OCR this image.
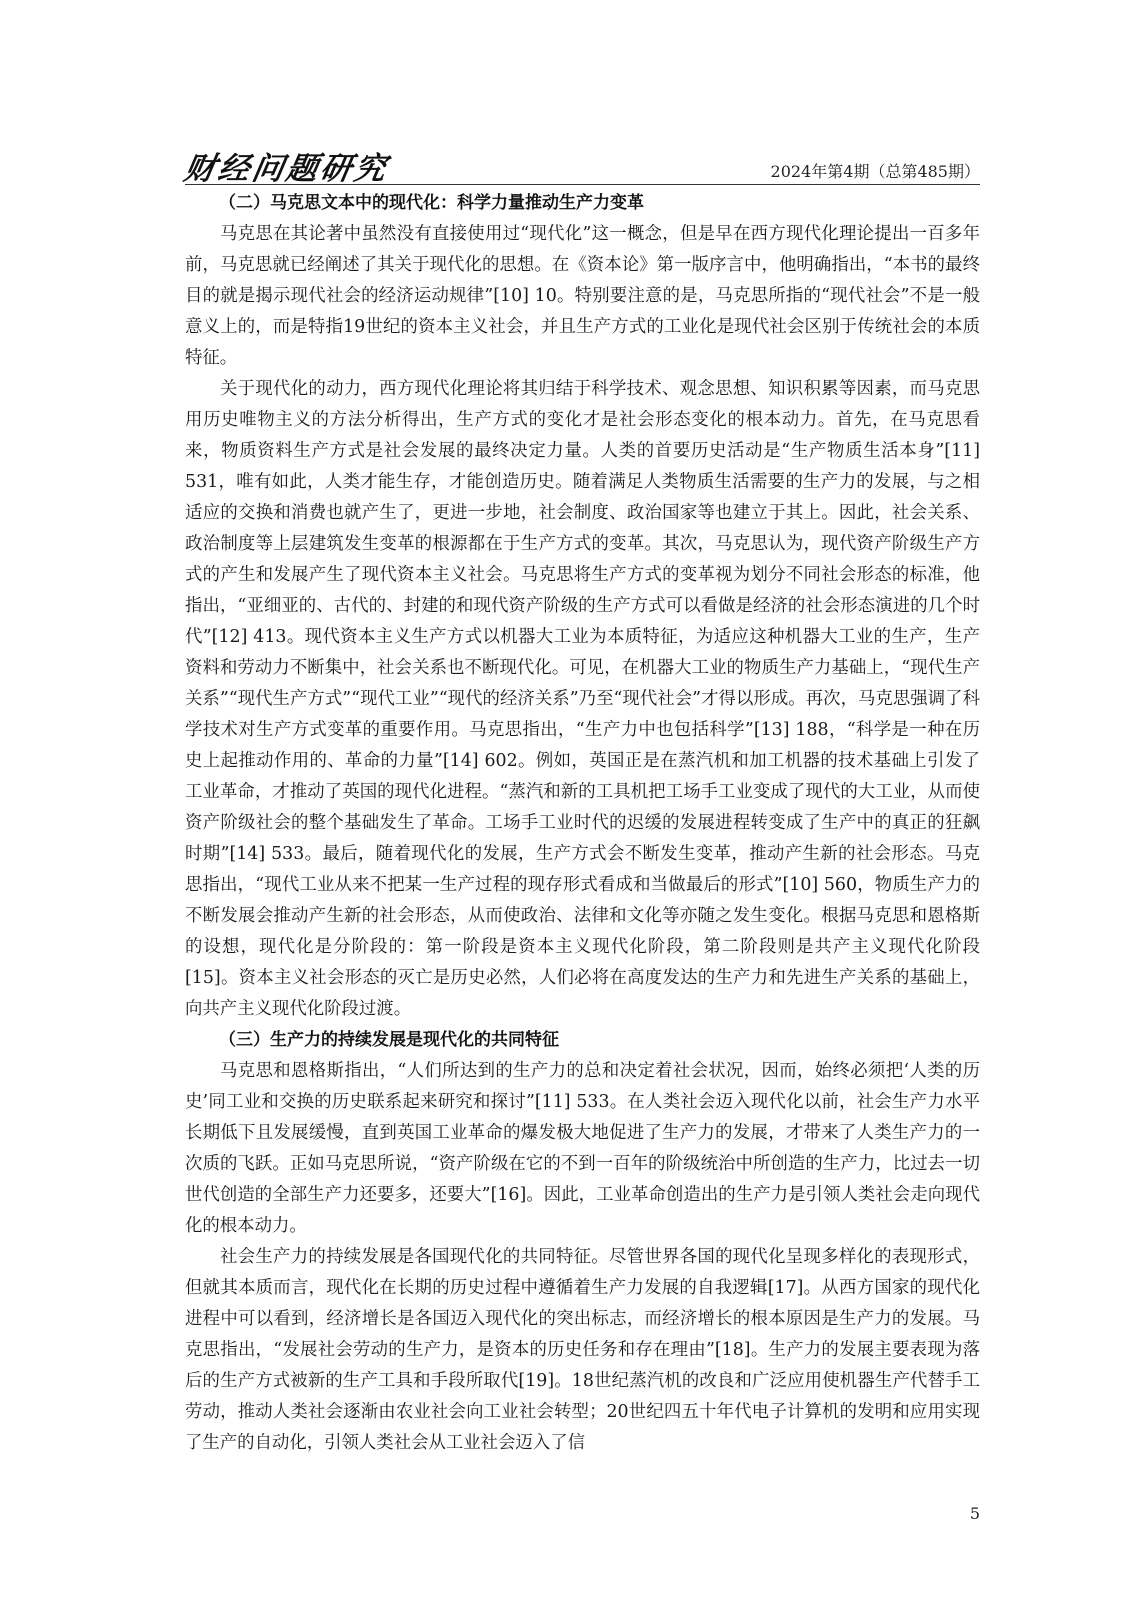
财经问题研究	2024年第4期（总第485期）
（二）马克思文本中的现代化：科学力量推动生产力变革

马克思在其论著中虽然没有直接使用过“现代化”这一概念，但是早在西方现代化理论提出一百多年前，马克思就已经阐述了其关于现代化的思想。在《资本论》第一版序言中，他明确指出，“本书的最终目的就是揭示现代社会的经济运动规律”[10] 10。特别要注意的是，马克思所指的“现代社会”不是一般意义上的，而是特指19世纪的资本主义社会，并且生产方式的工业化是现代社会区别于传统社会的本质特征。

关于现代化的动力，西方现代化理论将其归结于科学技术、观念思想、知识积累等因素，而马克思用历史唯物主义的方法分析得出，生产方式的变化才是社会形态变化的根本动力。首先，在马克思看来，物质资料生产方式是社会发展的最终决定力量。人类的首要历史活动是“生产物质生活本身”[11] 531，唯有如此，人类才能生存，才能创造历史。随着满足人类物质生活需要的生产力的发展，与之相适应的交换和消费也就产生了，更进一步地，社会制度、政治国家等也建立于其上。因此，社会关系、政治制度等上层建筑发生变革的根源都在于生产方式的变革。其次，马克思认为，现代资产阶级生产方式的产生和发展产生了现代资本主义社会。马克思将生产方式的变革视为划分不同社会形态的标准，他指出，“亚细亚的、古代的、封建的和现代资产阶级的生产方式可以看做是经济的社会形态演进的几个时代”[12] 413。现代资本主义生产方式以机器大工业为本质特征，为适应这种机器大工业的生产，生产资料和劳动力不断集中，社会关系也不断现代化。可见，在机器大工业的物质生产力基础上，“现代生产关系”“现代生产方式”“现代工业”“现代的经济关系”乃至“现代社会”才得以形成。再次，马克思强调了科学技术对生产方式变革的重要作用。马克思指出，“生产力中也包括科学”[13] 188，“科学是一种在历史上起推动作用的、革命的力量”[14] 602。例如，英国正是在蒸汽机和加工机器的技术基础上引发了工业革命，才推动了英国的现代化进程。“蒸汽和新的工具机把工场手工业变成了现代的大工业，从而使资产阶级社会的整个基础发生了革命。工场手工业时代的迟缓的发展进程转变成了生产中的真正的狂飙时期”[14] 533。最后，随着现代化的发展，生产方式会不断发生变革，推动产生新的社会形态。马克思指出，“现代工业从来不把某一生产过程的现存形式看成和当做最后的形式”[10] 560，物质生产力的不断发展会推动产生新的社会形态，从而使政治、法律和文化等亦随之发生变化。根据马克思和恩格斯的设想，现代化是分阶段的：第一阶段是资本主义现代化阶段，第二阶段则是共产主义现代化阶段[15]。资本主义社会形态的灭亡是历史必然，人们必将在高度发达的生产力和先进生产关系的基础上，向共产主义现代化阶段过渡。

（三）生产力的持续发展是现代化的共同特征

马克思和恩格斯指出，“人们所达到的生产力的总和决定着社会状况，因而，始终必须把‘人类的历史’同工业和交换的历史联系起来研究和探讨”[11] 533。在人类社会迈入现代化以前，社会生产力水平长期低下且发展缓慢，直到英国工业革命的爆发极大地促进了生产力的发展，才带来了人类生产力的一次质的飞跃。正如马克思所说，“资产阶级在它的不到一百年的阶级统治中所创造的生产力，比过去一切世代创造的全部生产力还要多，还要大”[16]。因此，工业革命创造出的生产力是引领人类社会走向现代化的根本动力。

社会生产力的持续发展是各国现代化的共同特征。尽管世界各国的现代化呈现多样化的表现形式，但就其本质而言，现代化在长期的历史过程中遵循着生产力发展的自我逻辑[17]。从西方国家的现代化进程中可以看到，经济增长是各国迈入现代化的突出标志，而经济增长的根本原因是生产力的发展。马克思指出，“发展社会劳动的生产力，是资本的历史任务和存在理由”[18]。生产力的发展主要表现为落后的生产方式被新的生产工具和手段所取代[19]。18世纪蒸汽机的改良和广泛应用使机器生产代替手工劳动，推动人类社会逐渐由农业社会向工业社会转型；20世纪四五十年代电子计算机的发明和应用实现了生产的自动化，引领人类社会从工业社会迈入了信

5
